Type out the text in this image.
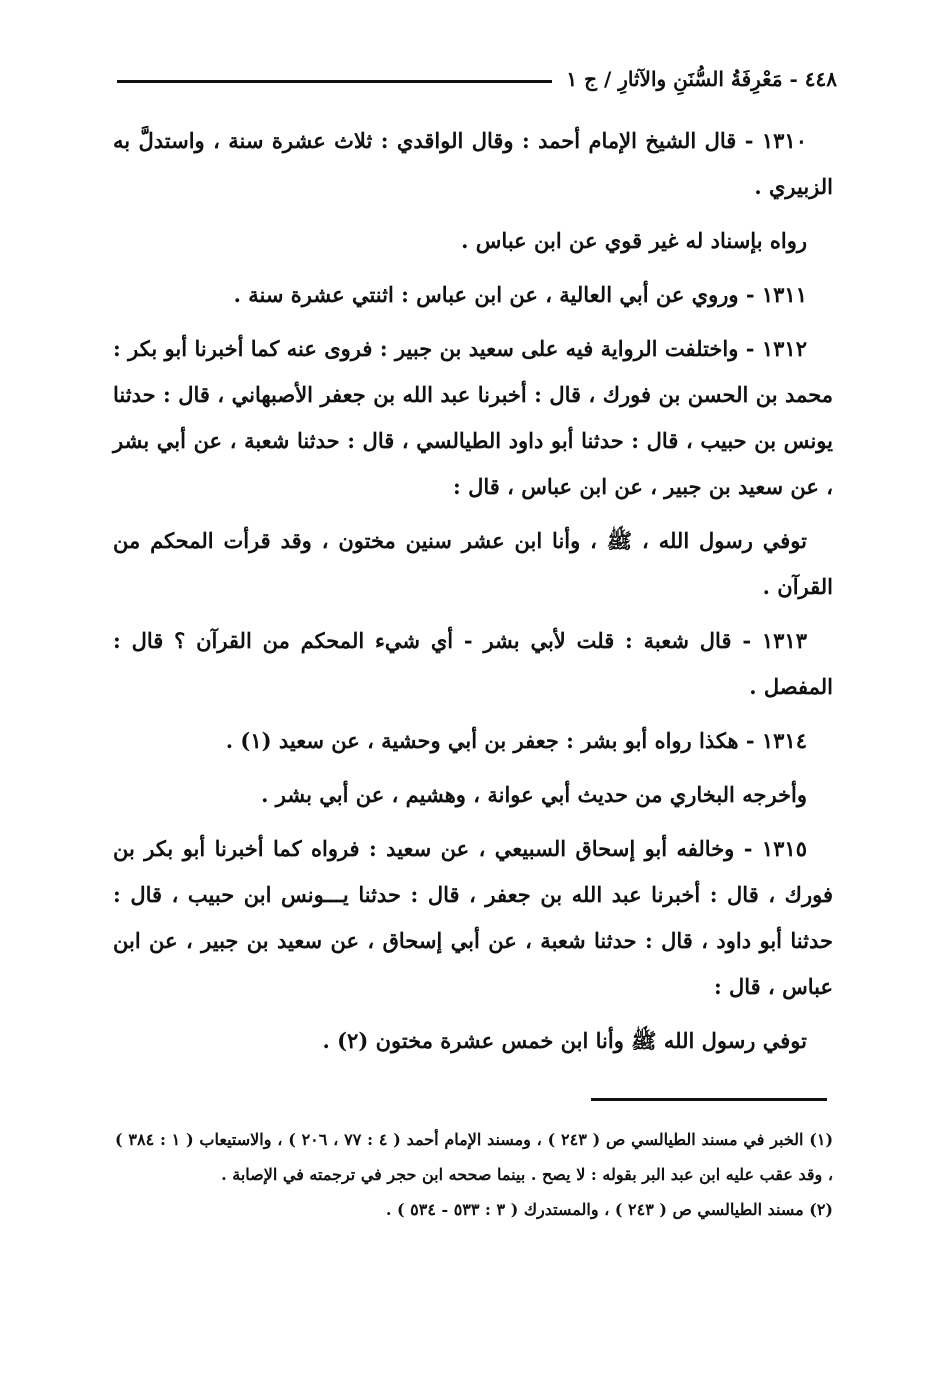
٤٤٨ - مَعْرِفَةُ السُّنَنِ والآثارِ / ج ١

١٣١٠ - قال الشيخ الإمام أحمد : وقال الواقدي : ثلاث عشرة سنة ، واستدلَّ به الزبيري .

رواه بإسناد له غير قوي عن ابن عباس .

١٣١١ - وروي عن أبي العالية ، عن ابن عباس : اثنتي عشرة سنة .

١٣١٢ - واختلفت الرواية فيه على سعيد بن جبير : فروى عنه كما أخبرنا أبو بكر : محمد بن الحسن بن فورك ، قال : أخبرنا عبد الله بن جعفر الأصبهاني ، قال : حدثنا يونس بن حبيب ، قال : حدثنا أبو داود الطيالسي ، قال : حدثنا شعبة ، عن أبي بشر ، عن سعيد بن جبير ، عن ابن عباس ، قال :

توفي رسول الله ، ﷺ ، وأنا ابن عشر سنين مختون ، وقد قرأت المحكم من القرآن .

١٣١٣ - قال شعبة : قلت لأبي بشر - أي شيء المحكم من القرآن ؟ قال : المفصل .

١٣١٤ - هكذا رواه أبو بشر : جعفر بن أبي وحشية ، عن سعيد (١) .

وأخرجه البخاري من حديث أبي عوانة ، وهشيم ، عن أبي بشر .

١٣١٥ - وخالفه أبو إسحاق السبيعي ، عن سعيد : فرواه كما أخبرنا أبو بكر بن فورك ، قال : أخبرنا عبد الله بن جعفر ، قال : حدثنا يـــونس ابن حبيب ، قال : حدثنا أبو داود ، قال : حدثنا شعبة ، عن أبي إسحاق ، عن سعيد بن جبير ، عن ابن عباس ، قال :

توفي رسول الله ﷺ وأنا ابن خمس عشرة مختون (٢) .

(١) الخبر في مسند الطيالسي ص ( ٢٤٣ ) ، ومسند الإمام أحمد ( ٤ : ٧٧ ، ٢٠٦ ) ، والاستيعاب ( ١ : ٣٨٤ ) ، وقد عقب عليه ابن عبد البر بقوله : لا يصح . بينما صححه ابن حجر في ترجمته في الإصابة .

(٢) مسند الطيالسي ص ( ٢٤٣ ) ، والمستدرك ( ٣ : ٥٣٣ - ٥٣٤ ) .
